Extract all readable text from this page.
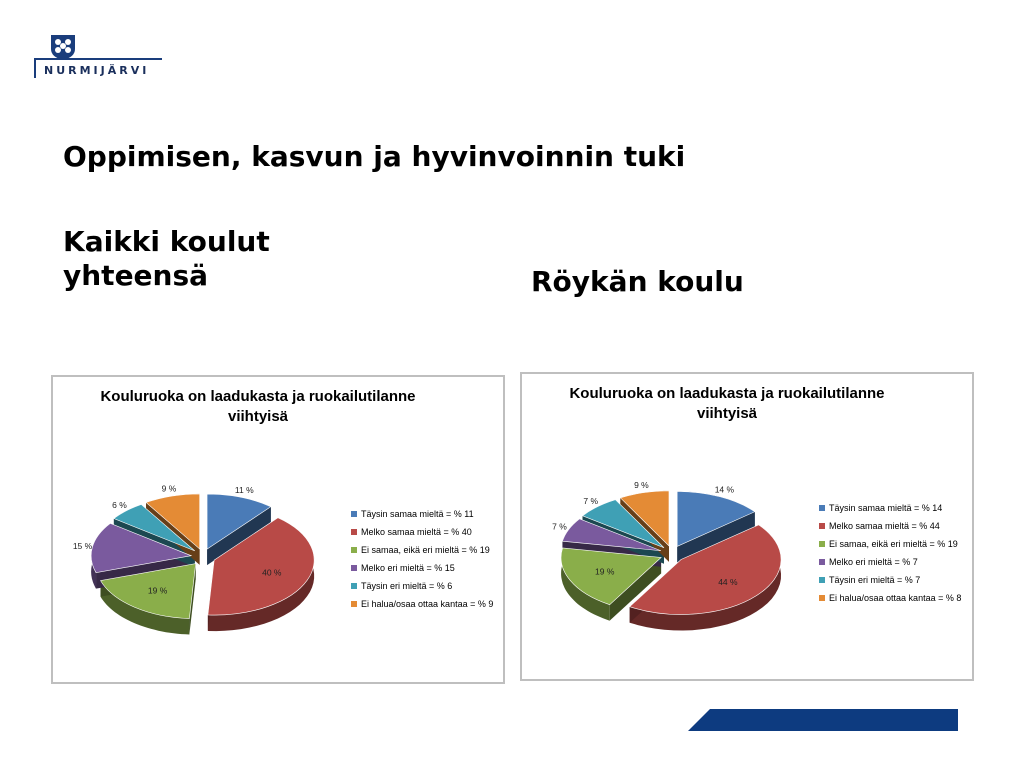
NURMIJÄRVI
Oppimisen, kasvun ja hyvinvoinnin tuki
Kaikki koulut
yhteensä	Röykän koulu
Kouluruoka on laadukasta ja ruokailutilanne
viihtyisä
11 %
40 %
19 %
15 %
6 %
9 %
Täysin samaa mieltä = % 11
Melko samaa mieltä = % 40
Ei samaa, eikä eri mieltä = % 19
Melko eri mieltä = % 15
Täysin eri mieltä = % 6
Ei halua/osaa ottaa kantaa = % 9
Kouluruoka on laadukasta ja ruokailutilanne
viihtyisä
14 %
44 %
19 %
7 %
7 %
9 %
Täysin samaa mieltä = % 14
Melko samaa mieltä = % 44
Ei samaa, eikä eri mieltä = % 19
Melko eri mieltä = % 7
Täysin eri mieltä = % 7
Ei halua/osaa ottaa kantaa = % 8
